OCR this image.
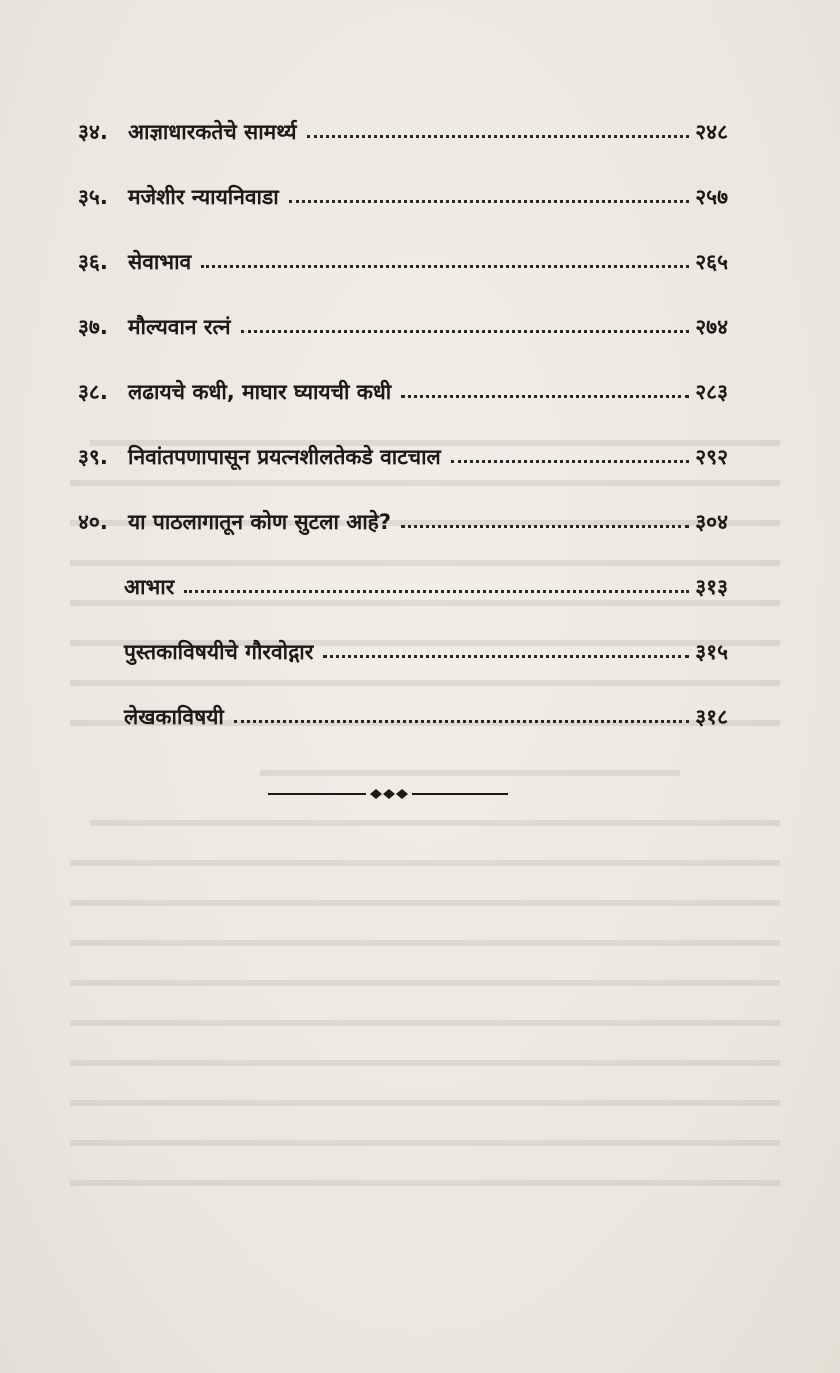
३४. आज्ञाधारकतेचे सामर्थ्य	२४८
३५. मजेशीर न्यायनिवाडा	२५७
३६. सेवाभाव	२६५
३७. मौल्यवान रत्नं	२७४
३८. लढायचे कधी, माघार घ्यायची कधी	२८३
३९. निवांतपणापासून प्रयत्नशीलतेकडे वाटचाल	२९२
४०. या पाठलागातून कोण सुटला आहे?	३०४
आभार	३१३
पुस्तकाविषयीचे गौरवोद्गार	३१५
लेखकाविषयी	३१८
